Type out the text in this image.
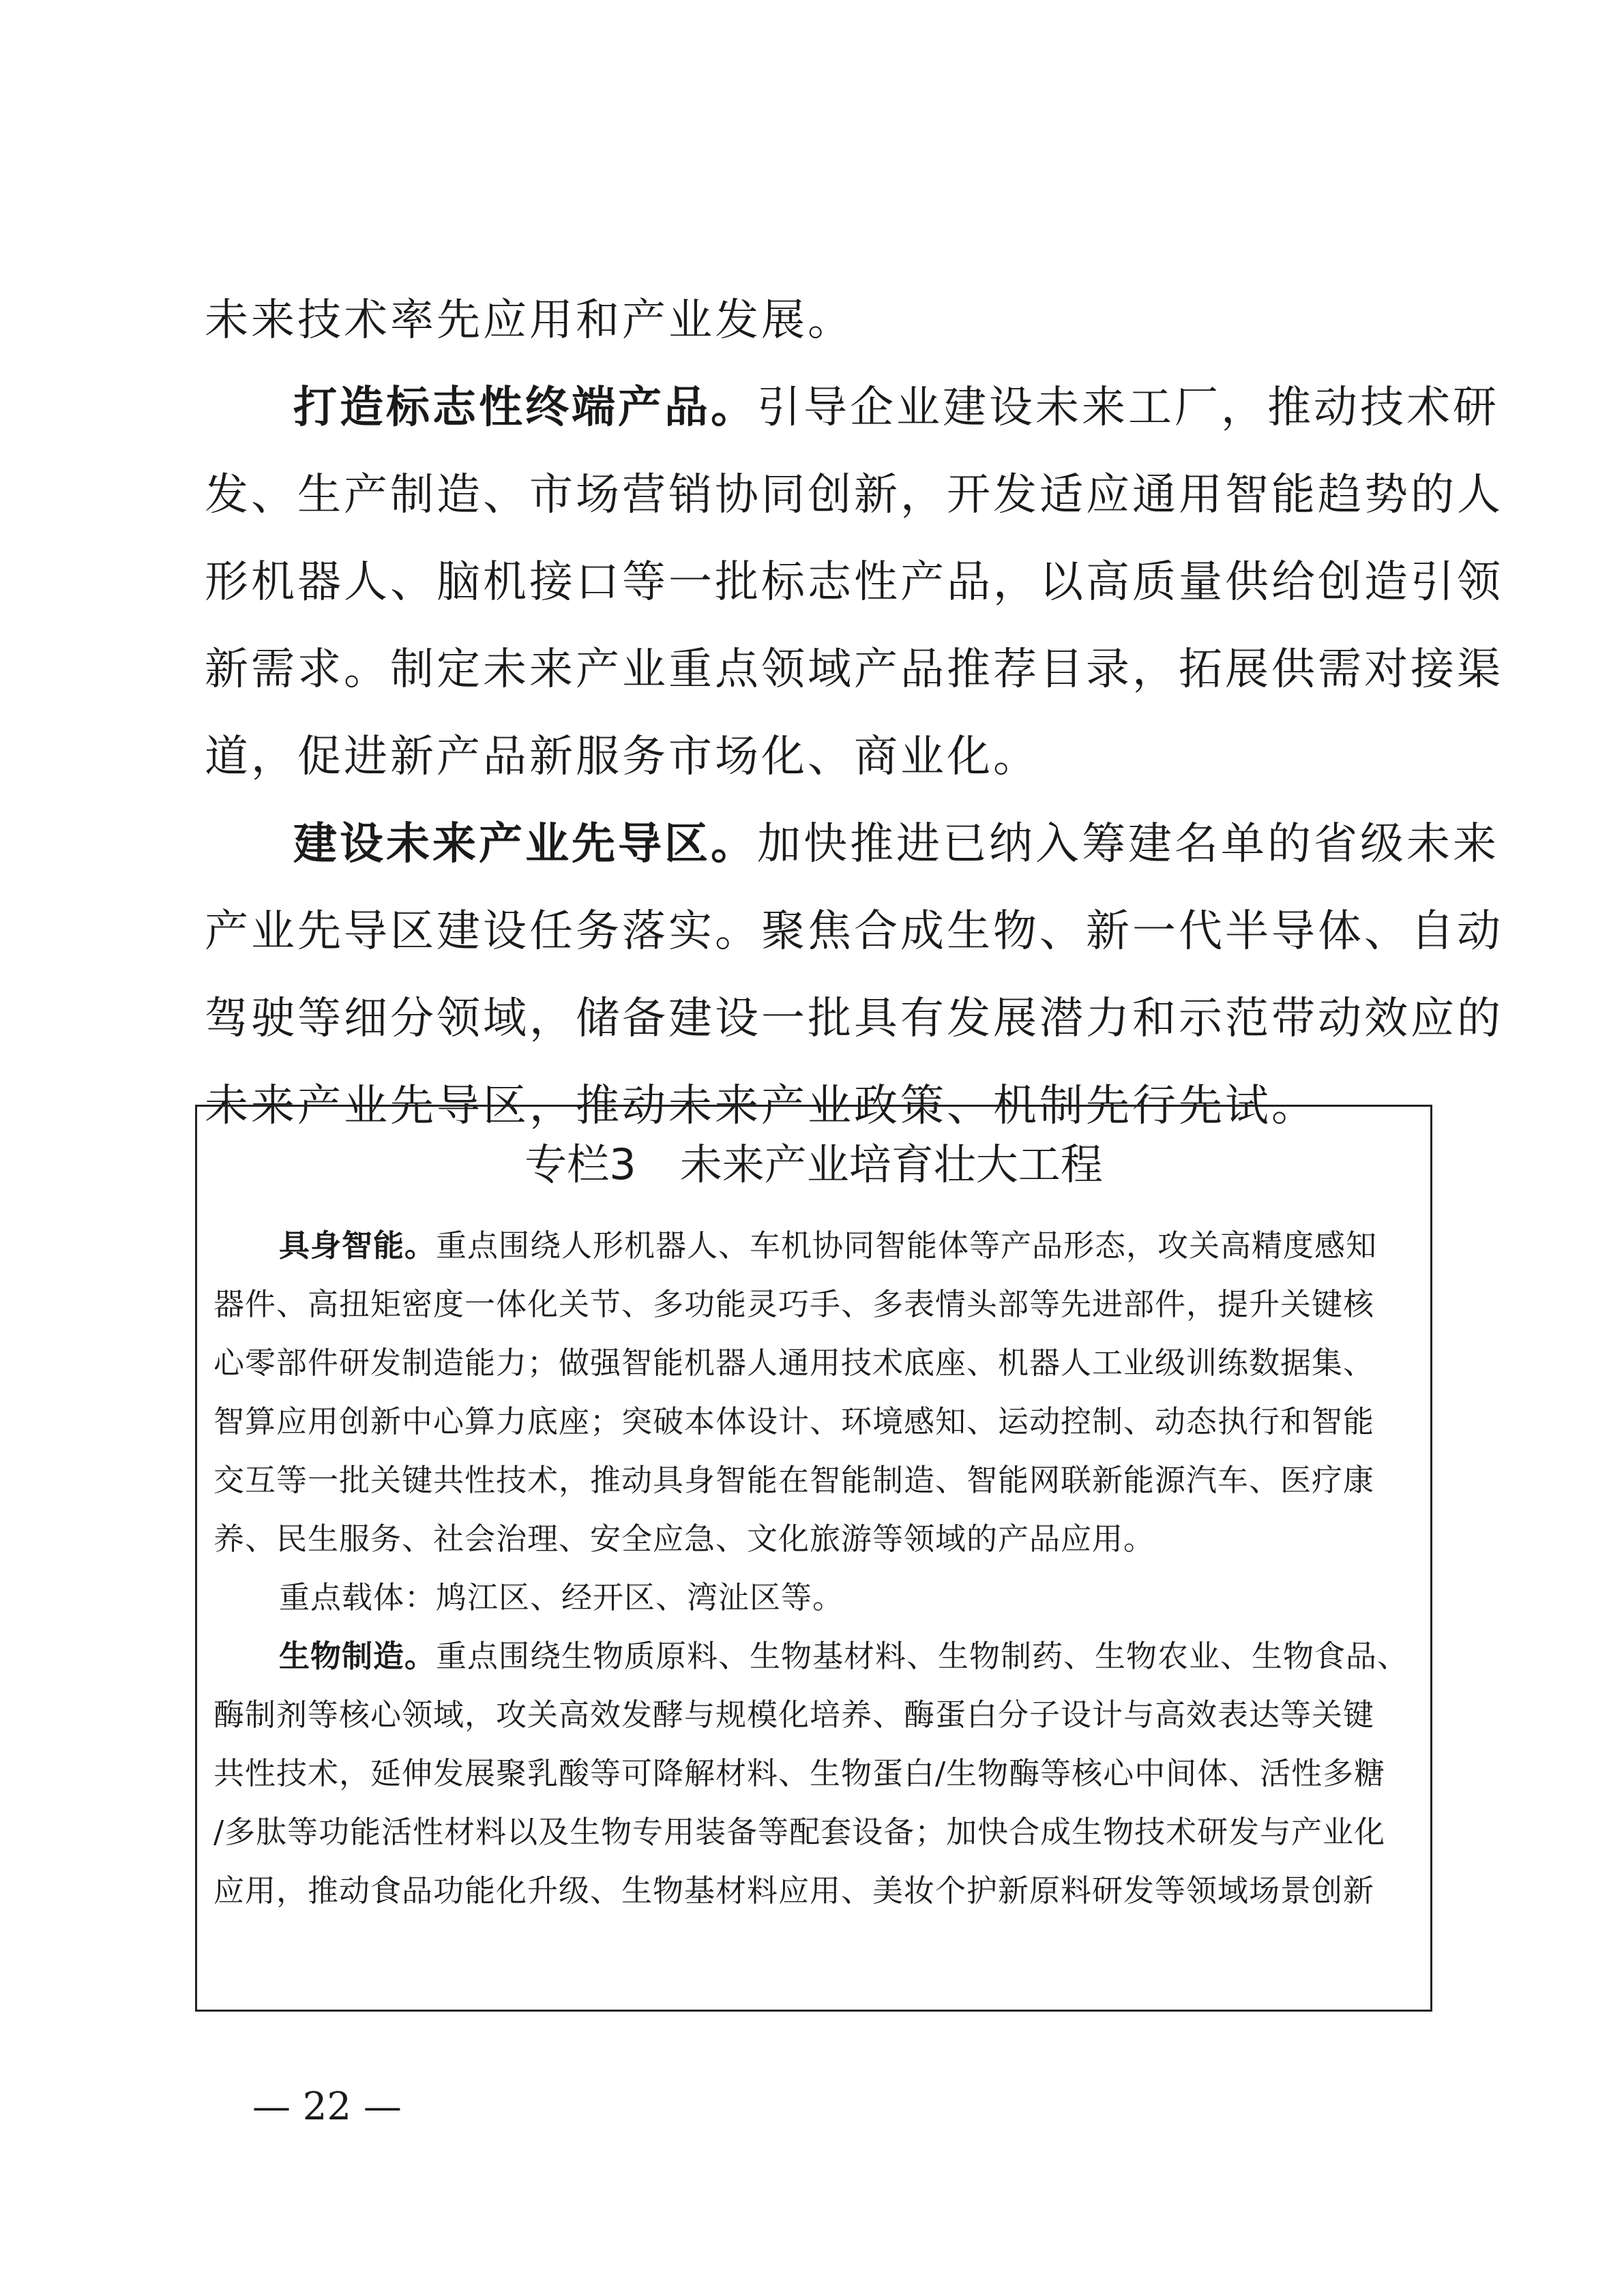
未来技术率先应用和产业发展。
打造标志性终端产品。引导企业建设未来工厂，推动技术研
发、生产制造、市场营销协同创新，开发适应通用智能趋势的人
形机器人、脑机接口等一批标志性产品，以高质量供给创造引领
新需求。制定未来产业重点领域产品推荐目录，拓展供需对接渠
道，促进新产品新服务市场化、商业化。
建设未来产业先导区。加快推进已纳入筹建名单的省级未来
产业先导区建设任务落实。聚焦合成生物、新一代半导体、自动
驾驶等细分领域，储备建设一批具有发展潜力和示范带动效应的
未来产业先导区，推动未来产业政策、机制先行先试。
专栏3 未来产业培育壮大工程
具身智能。重点围绕人形机器人、车机协同智能体等产品形态，攻关高精度感知
器件、高扭矩密度一体化关节、多功能灵巧手、多表情头部等先进部件，提升关键核
心零部件研发制造能力；做强智能机器人通用技术底座、机器人工业级训练数据集、
智算应用创新中心算力底座；突破本体设计、环境感知、运动控制、动态执行和智能
交互等一批关键共性技术，推动具身智能在智能制造、智能网联新能源汽车、医疗康
养、民生服务、社会治理、安全应急、文化旅游等领域的产品应用。
重点载体：鸠江区、经开区、湾沚区等。
生物制造。重点围绕生物质原料、生物基材料、生物制药、生物农业、生物食品、
酶制剂等核心领域，攻关高效发酵与规模化培养、酶蛋白分子设计与高效表达等关键
共性技术，延伸发展聚乳酸等可降解材料、生物蛋白/生物酶等核心中间体、活性多糖
/多肽等功能活性材料以及生物专用装备等配套设备；加快合成生物技术研发与产业化
应用，推动食品功能化升级、生物基材料应用、美妆个护新原料研发等领域场景创新
— 22 —
